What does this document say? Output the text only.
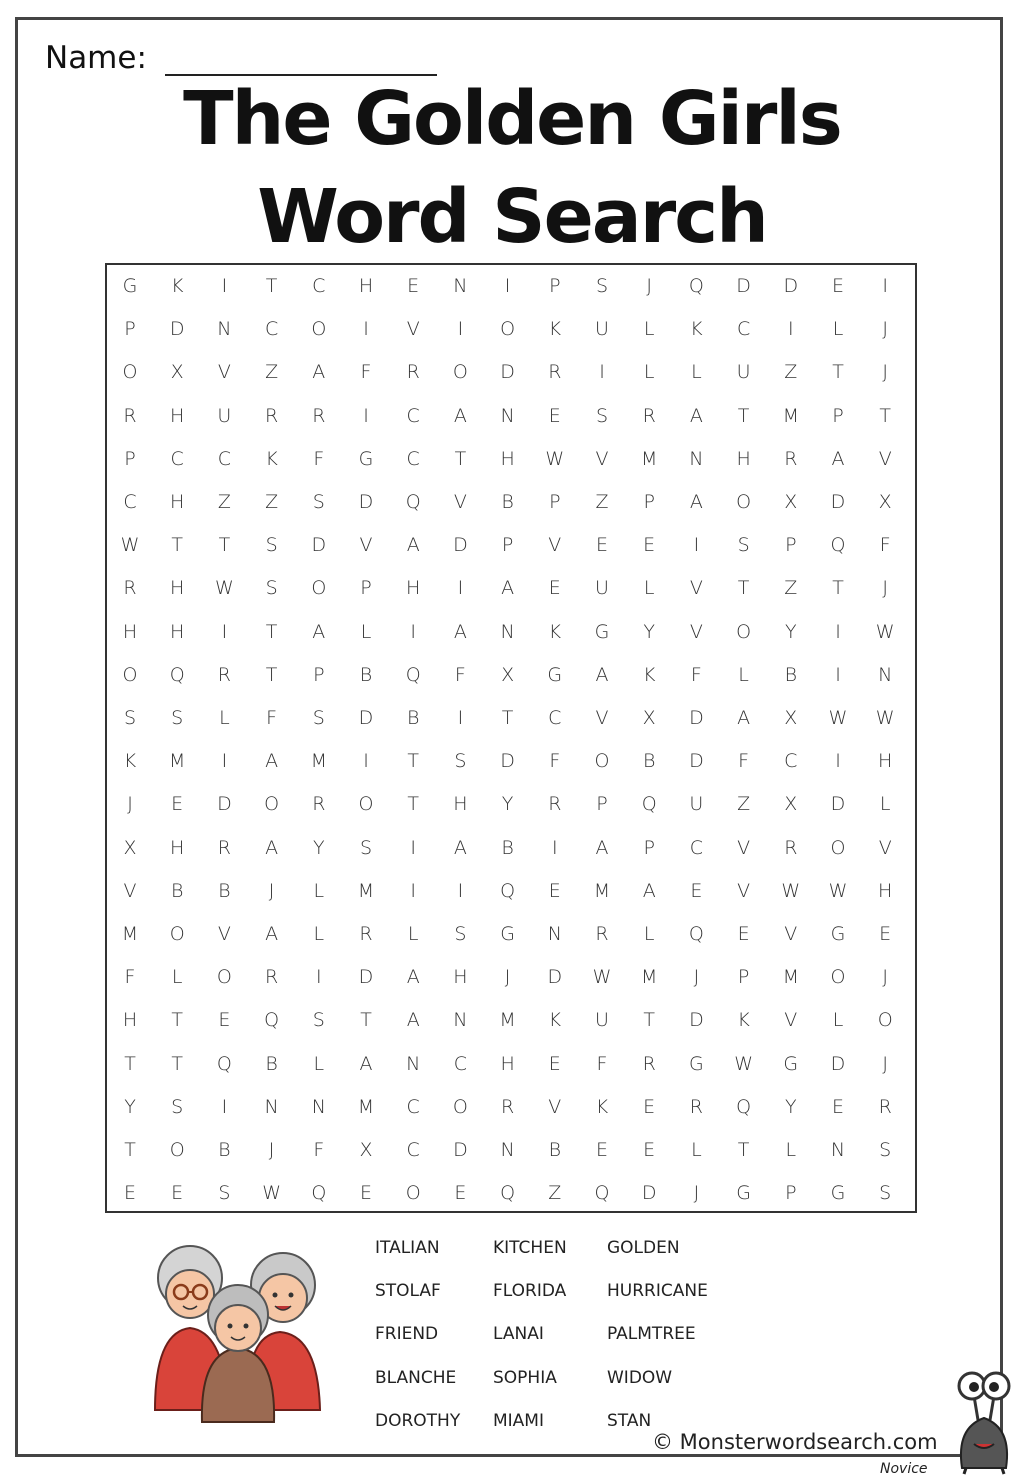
Name:
The Golden Girls
Word Search
G	K	I	T	C	H	E	N	I	P	S	J	Q	D	D	E	I
P	D	N	C	O	I	V	I	O	K	U	L	K	C	I	L	J
O	X	V	Z	A	F	R	O	D	R	I	L	L	U	Z	T	J
R	H	U	R	R	I	C	A	N	E	S	R	A	T	M	P	T
P	C	C	K	F	G	C	T	H	W	V	M	N	H	R	A	V
C	H	Z	Z	S	D	Q	V	B	P	Z	P	A	O	X	D	X
W	T	T	S	D	V	A	D	P	V	E	E	I	S	P	Q	F
R	H	W	S	O	P	H	I	A	E	U	L	V	T	Z	T	J
H	H	I	T	A	L	I	A	N	K	G	Y	V	O	Y	I	W
O	Q	R	T	P	B	Q	F	X	G	A	K	F	L	B	I	N
S	S	L	F	S	D	B	I	T	C	V	X	D	A	X	W	W
K	M	I	A	M	I	T	S	D	F	O	B	D	F	C	I	H
J	E	D	O	R	O	T	H	Y	R	P	Q	U	Z	X	D	L
X	H	R	A	Y	S	I	A	B	I	A	P	C	V	R	O	V
V	B	B	J	L	M	I	I	Q	E	M	A	E	V	W	W	H
M	O	V	A	L	R	L	S	G	N	R	L	Q	E	V	G	E
F	L	O	R	I	D	A	H	J	D	W	M	J	P	M	O	J
H	T	E	Q	S	T	A	N	M	K	U	T	D	K	V	L	O
T	T	Q	B	L	A	N	C	H	E	F	R	G	W	G	D	J
Y	S	I	N	N	M	C	O	R	V	K	E	R	Q	Y	E	R
T	O	B	J	F	X	C	D	N	B	E	E	L	T	L	N	S
E	E	S	W	Q	E	O	E	Q	Z	Q	D	J	G	P	G	S
ITALIAN	KITCHEN GOLDEN
STOLAF	FLORIDA HURRICANE
FRIEND	LANAI	PALMTREE
BLANCHE SOPHIA	WIDOW
DOROTHY MIAMI	STAN
© Monsterwordsearch.com
Novice
